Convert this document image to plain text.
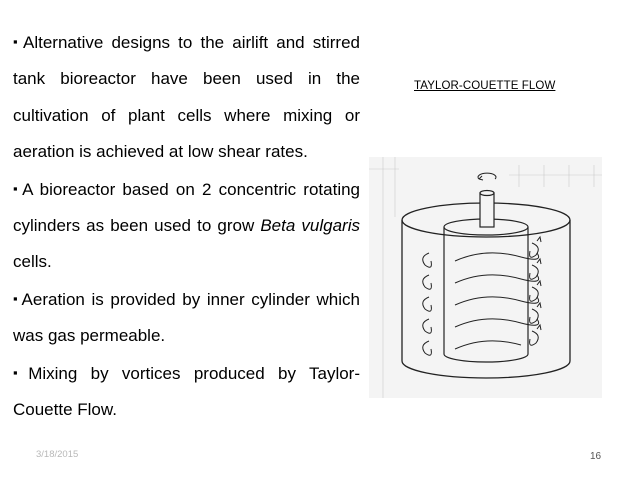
▪ Alternative designs to the airlift and stirred tank bioreactor have been used in the cultivation of plant cells where mixing or aeration is achieved at low shear rates.

▪ A bioreactor based on 2 concentric rotating cylinders as been used to grow Beta vulgaris cells.

▪ Aeration is provided by inner cylinder which was gas permeable.

▪ Mixing by vortices produced by Taylor-Couette Flow.

TAYLOR-COUETTE FLOW
3/18/2015	16
